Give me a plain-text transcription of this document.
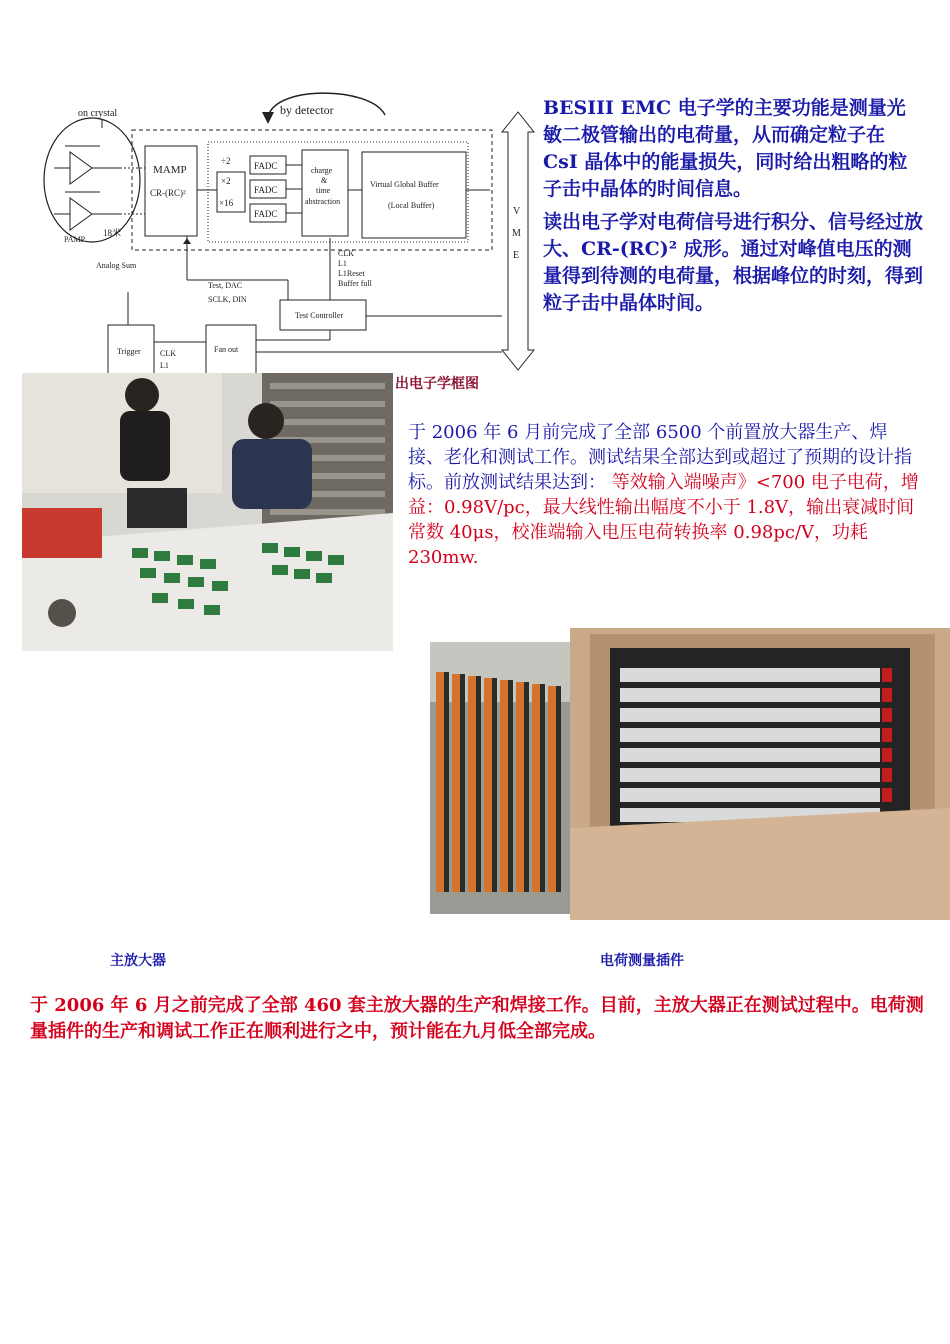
on crystal
PAMP
18米
Analog Sum
by detector
MAMP
CR-(RC)²
÷2
×2
×16
FADC
FADC
FADC
charge
&
time
abstraction
Virtual Global Buffer
(Local Buffer)
V
M
E
Test, DAC
SCLK, DIN
CLK
L1
L1Reset
Buffer full
Test Controller
Trigger	Fan out
CLK
L1

BESIII EMC 电子学的主要功能是测量光敏二极管输出的电荷量，从而确定粒子在 CsI 晶体中的能量损失，同时给出粗略的粒子击中晶体的时间信息。

读出电子学对电荷信号进行积分、信号经过放大、CR-(RC)² 成形。通过对峰值电压的测量得到待测的电荷量，根据峰位的时刻，得到粒子击中晶体时间。

出电子学框图
于 2006 年 6 月前完成了全部 6500 个前置放大器生产、焊接、老化和测试工作。测试结果全部达到或超过了预期的设计指标。前放测试结果达到： 等效输入端噪声》<700 电子电荷，增益：0.98V/pc，最大线性输出幅度不小于 1.8V，输出衰减时间常数 40μs，校准端输入电压电荷转换率 0.98pc/V，功耗 230mw.
主放大器	电荷测量插件
于 2006 年 6 月之前完成了全部 460 套主放大器的生产和焊接工作。目前，主放大器正在测试过程中。电荷测量插件的生产和调试工作正在顺利进行之中，预计能在九月低全部完成。
